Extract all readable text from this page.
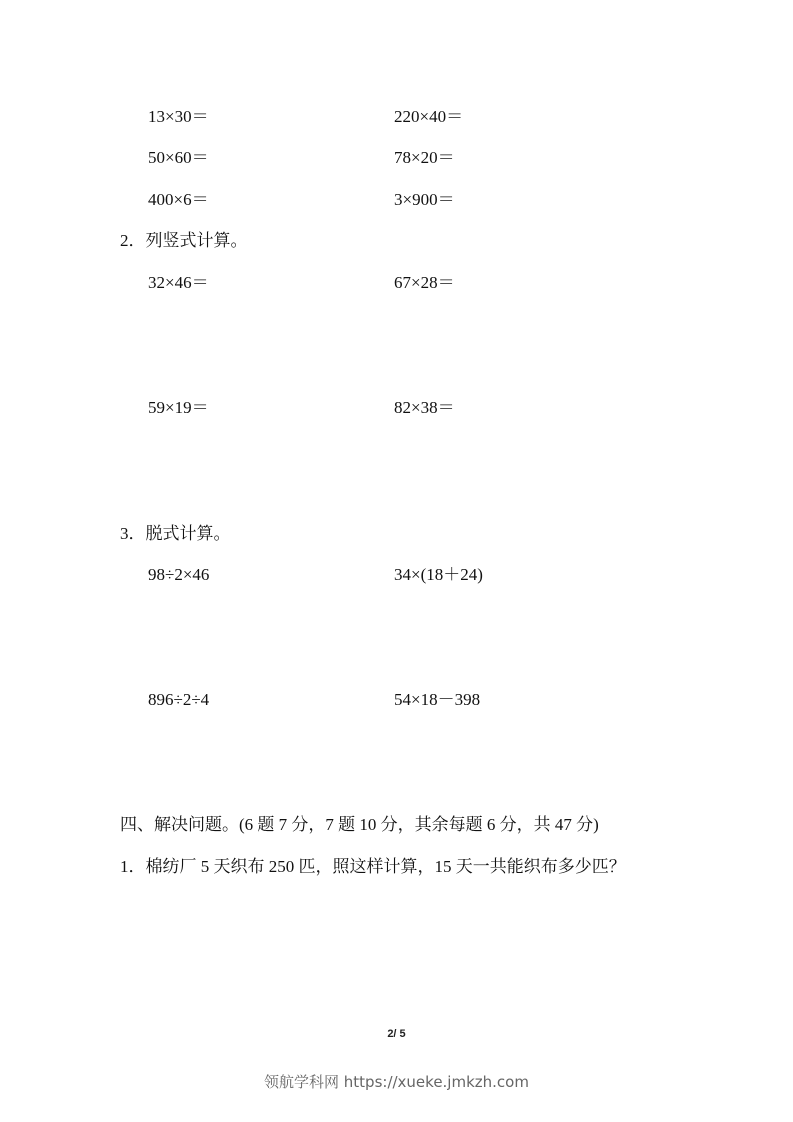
13×30＝	220×40＝
50×60＝	78×20＝
400×6＝	3×900＝
2．列竖式计算。
32×46＝	67×28＝
59×19＝	82×38＝
3．脱式计算。
98÷2×46	34×(18＋24)
896÷2÷4	54×18－398
四、解决问题。(6 题 7 分，7 题 10 分，其余每题 6 分，共 47 分)
1．棉纺厂 5 天织布 250 匹，照这样计算，15 天一共能织布多少匹？
2/ 5
领航学科网 https://xueke.jmkzh.com
